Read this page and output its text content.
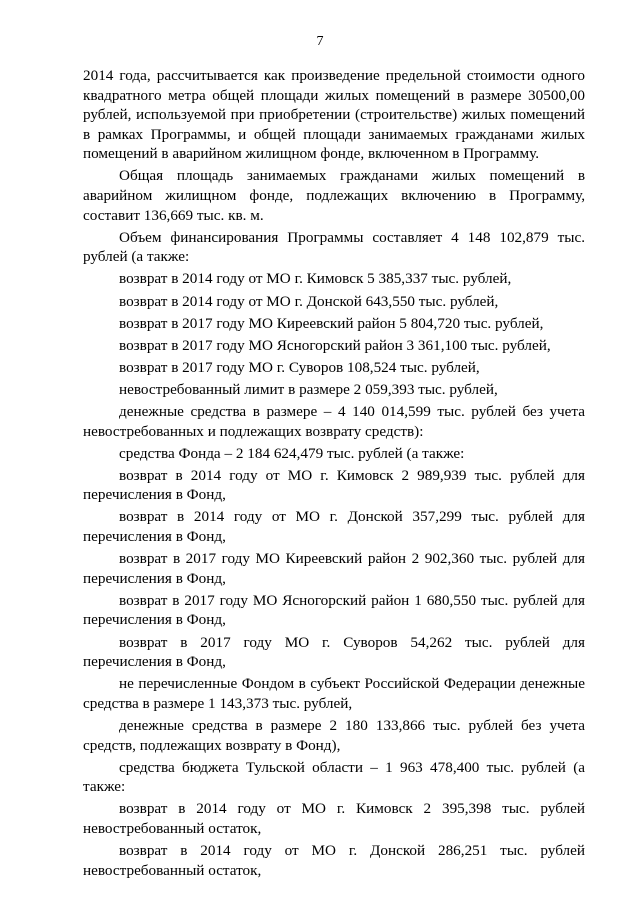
7

2014 года, рассчитывается как произведение предельной стоимости одного квадратного метра общей площади жилых помещений в размере 30500,00 рублей, используемой при приобретении (строительстве) жилых помещений в рамках Программы, и общей площади занимаемых гражданами жилых помещений в аварийном жилищном фонде, включенном в Программу.

Общая площадь занимаемых гражданами жилых помещений в аварийном жилищном фонде, подлежащих включению в Программу, составит 136,669 тыс. кв. м.

Объем финансирования Программы составляет 4 148 102,879 тыс. рублей (а также:

возврат в 2014 году от МО г. Кимовск 5 385,337 тыс. рублей,

возврат в 2014 году от МО г. Донской 643,550 тыс. рублей,

возврат в 2017 году МО Киреевский район 5 804,720 тыс. рублей,

возврат в 2017 году МО Ясногорский район 3 361,100 тыс. рублей,

возврат в 2017 году МО г. Суворов 108,524 тыс. рублей,

невостребованный лимит в размере 2 059,393 тыс. рублей,

денежные средства в размере – 4 140 014,599 тыс. рублей без учета невостребованных и подлежащих возврату средств):

средства Фонда – 2 184 624,479 тыс. рублей (а также:

возврат в 2014 году от МО г. Кимовск 2 989,939 тыс. рублей для перечисления в Фонд,

возврат в 2014 году от МО г. Донской 357,299 тыс. рублей для перечисления в Фонд,

возврат в 2017 году МО Киреевский район 2 902,360 тыс. рублей для перечисления в Фонд,

возврат в 2017 году МО Ясногорский район 1 680,550 тыс. рублей для перечисления в Фонд,

возврат в 2017 году МО г. Суворов 54,262 тыс. рублей для перечисления в Фонд,

не перечисленные Фондом в субъект Российской Федерации денежные средства в размере 1 143,373 тыс. рублей,

денежные средства в размере 2 180 133,866 тыс. рублей без учета средств, подлежащих возврату в Фонд),

средства бюджета Тульской области – 1 963 478,400 тыс. рублей (а также:

возврат в 2014 году от МО г. Кимовск 2 395,398 тыс. рублей невостребованный остаток,

возврат в 2014 году от МО г. Донской 286,251 тыс. рублей невостребованный остаток,
